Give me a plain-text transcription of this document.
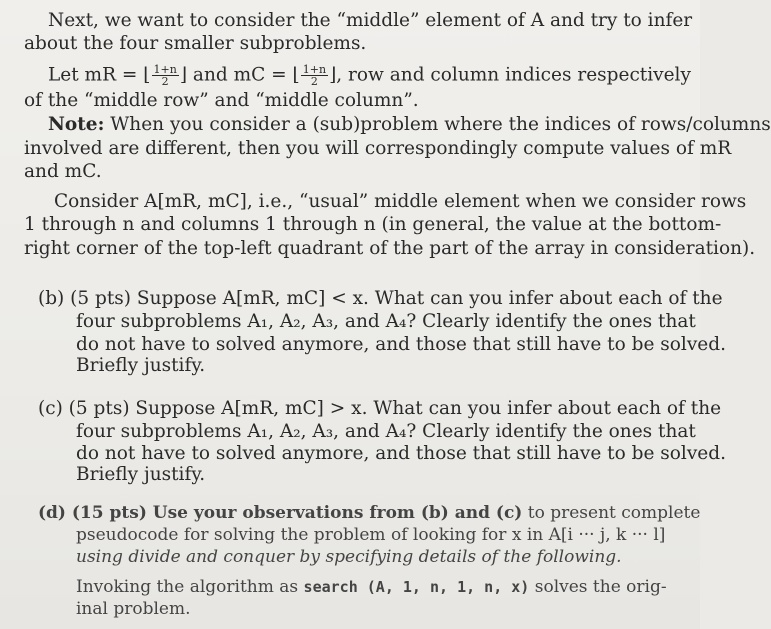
Next, we want to consider the “middle” element of A and try to infer
about the four smaller subproblems.
Let mR = ⌊ $\frac{1+n}{2}$ ⌋ and mC = ⌊ $\frac{1+n}{2}$ ⌋, row and column indices respectively
of the “middle row” and “middle column”.
Note: When you consider a (sub)problem where the indices of rows/columns
involved are different, then you will correspondingly compute values of mR
and mC.
Consider A[mR, mC], i.e., “usual” middle element when we consider rows
1 through n and columns 1 through n (in general, the value at the bottom-
right corner of the top-left quadrant of the part of the array in consideration).
(b) (5 pts) Suppose A[mR, mC] < x. What can you infer about each of the
four subproblems A₁, A₂, A₃, and A₄? Clearly identify the ones that
do not have to solved anymore, and those that still have to be solved.
Briefly justify.
(c) (5 pts) Suppose A[mR, mC] > x. What can you infer about each of the
four subproblems A₁, A₂, A₃, and A₄? Clearly identify the ones that
do not have to solved anymore, and those that still have to be solved.
Briefly justify.
(d) (15 pts) Use your observations from (b) and (c) to present complete
pseudocode for solving the problem of looking for x in A[i ··· j, k ··· l]
using divide and conquer by specifying details of the following.
Invoking the algorithm as search (A, 1, n, 1, n, x) solves the orig-
inal problem.
